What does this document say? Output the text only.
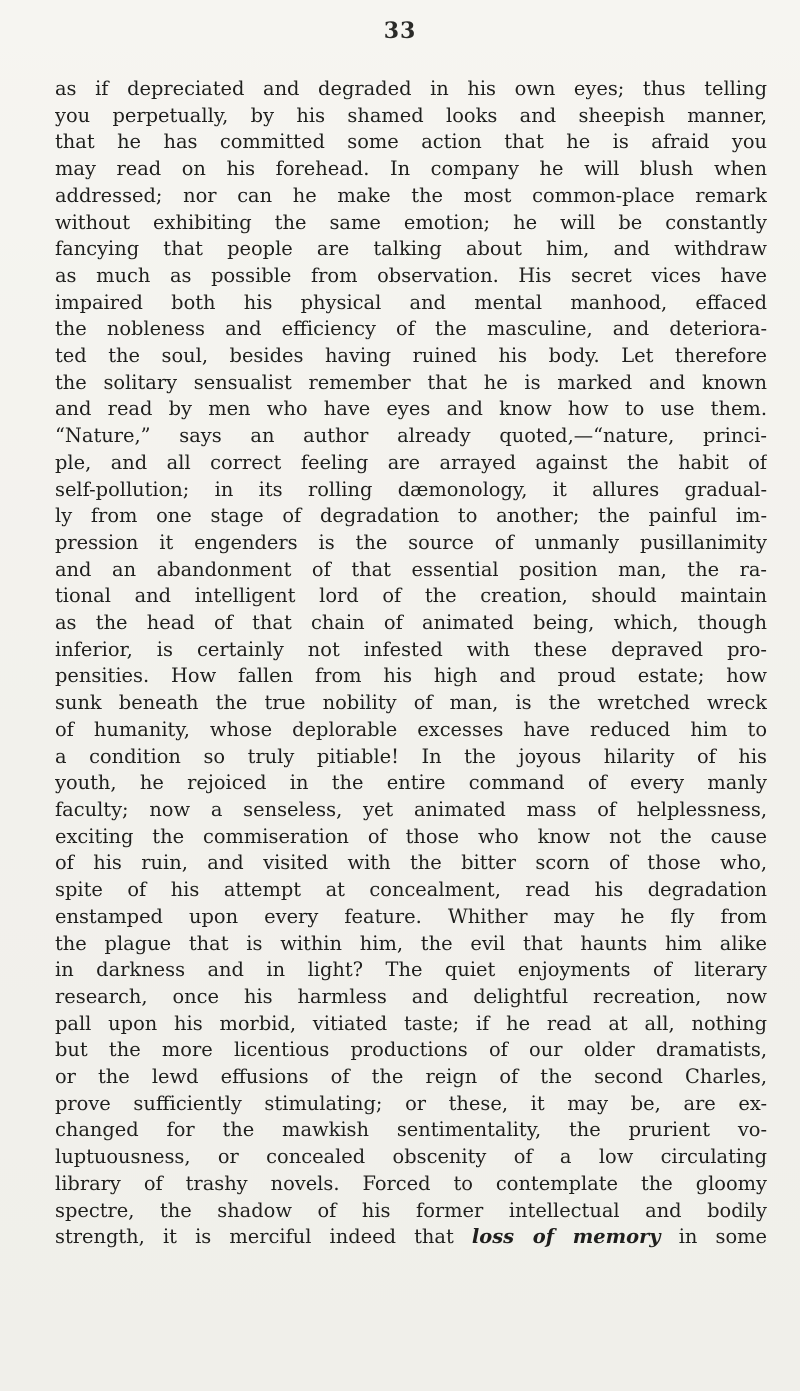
33
as if depreciated and degraded in his own eyes; thus telling
you perpetually, by his shamed looks and sheepish manner,
that he has committed some action that he is afraid you
may read on his forehead. In company he will blush when
addressed; nor can he make the most common-place remark
without exhibiting the same emotion; he will be constantly
fancying that people are talking about him, and withdraw
as much as possible from observation. His secret vices have
impaired both his physical and mental manhood, effaced
the nobleness and efficiency of the masculine, and deteriora-
ted the soul, besides having ruined his body. Let therefore
the solitary sensualist remember that he is marked and known
and read by men who have eyes and know how to use them.
“Nature,” says an author already quoted,—“nature, princi-
ple, and all correct feeling are arrayed against the habit of
self-pollution; in its rolling dæmonology, it allures gradual-
ly from one stage of degradation to another; the painful im-
pression it engenders is the source of unmanly pusillanimity
and an abandonment of that essential position man, the ra-
tional and intelligent lord of the creation, should maintain
as the head of that chain of animated being, which, though
inferior, is certainly not infested with these depraved pro-
pensities. How fallen from his high and proud estate; how
sunk beneath the true nobility of man, is the wretched wreck
of humanity, whose deplorable excesses have reduced him to
a condition so truly pitiable! In the joyous hilarity of his
youth, he rejoiced in the entire command of every manly
faculty; now a senseless, yet animated mass of helplessness,
exciting the commiseration of those who know not the cause
of his ruin, and visited with the bitter scorn of those who,
spite of his attempt at concealment, read his degradation
enstamped upon every feature. Whither may he fly from
the plague that is within him, the evil that haunts him alike
in darkness and in light? The quiet enjoyments of literary
research, once his harmless and delightful recreation, now
pall upon his morbid, vitiated taste; if he read at all, nothing
but the more licentious productions of our older dramatists,
or the lewd effusions of the reign of the second Charles,
prove sufficiently stimulating; or these, it may be, are ex-
changed for the mawkish sentimentality, the prurient vo-
luptuousness, or concealed obscenity of a low circulating
library of trashy novels. Forced to contemplate the gloomy
spectre, the shadow of his former intellectual and bodily
strength, it is merciful indeed that loss of memory in some
